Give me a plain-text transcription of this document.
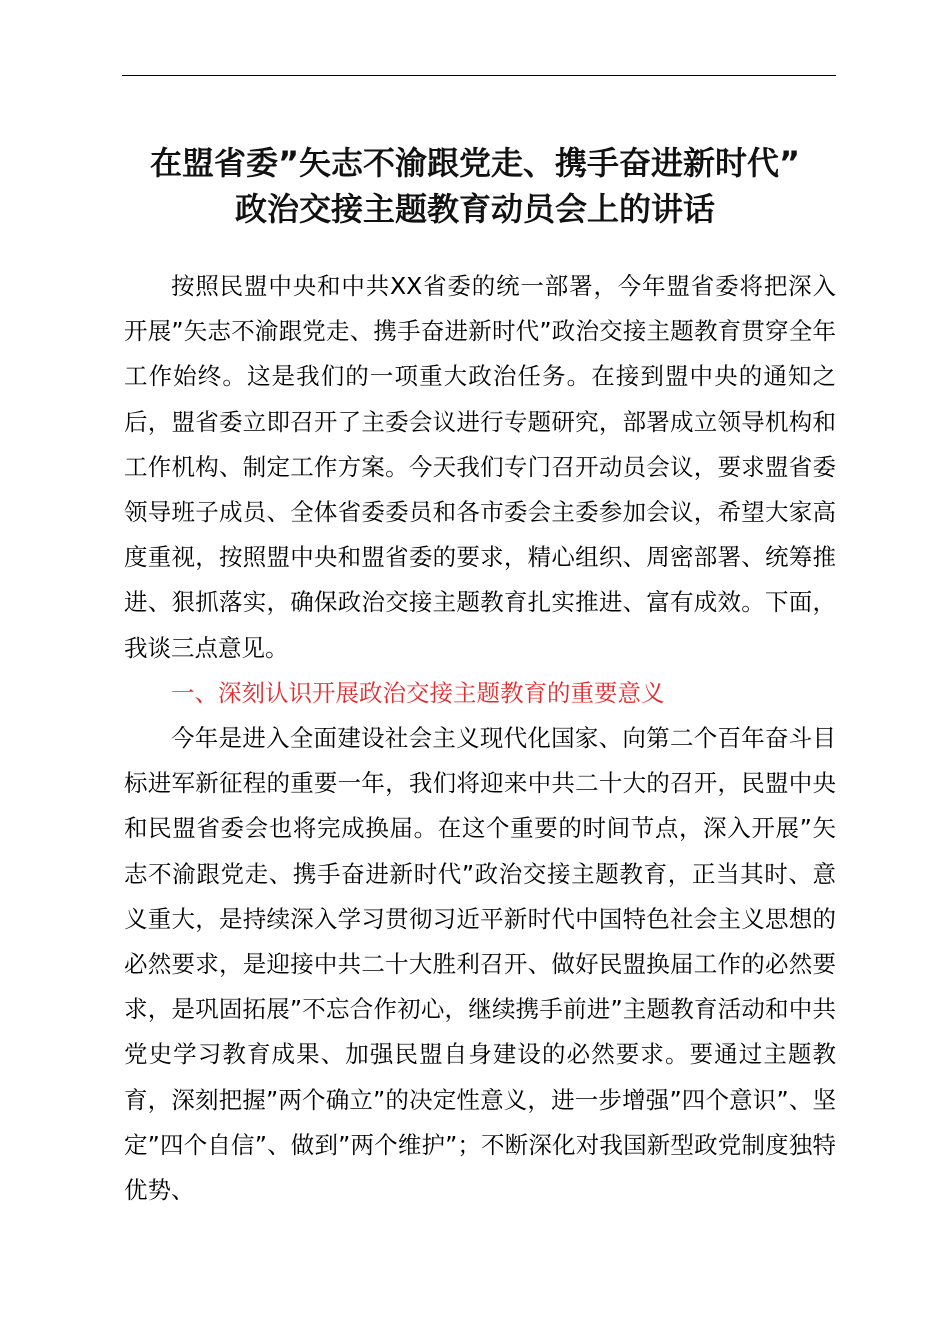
在盟省委”矢志不渝跟党走、携手奋进新时代”
政治交接主题教育动员会上的讲话

按照民盟中央和中共XX省委的统一部署，今年盟省委将把深入开展”矢志不渝跟党走、携手奋进新时代”政治交接主题教育贯穿全年工作始终。这是我们的一项重大政治任务。在接到盟中央的通知之后，盟省委立即召开了主委会议进行专题研究，部署成立领导机构和工作机构、制定工作方案。今天我们专门召开动员会议，要求盟省委领导班子成员、全体省委委员和各市委会主委参加会议，希望大家高度重视，按照盟中央和盟省委的要求，精心组织、周密部署、统筹推进、狠抓落实，确保政治交接主题教育扎实推进、富有成效。下面，我谈三点意见。

一、深刻认识开展政治交接主题教育的重要意义

今年是进入全面建设社会主义现代化国家、向第二个百年奋斗目标进军新征程的重要一年，我们将迎来中共二十大的召开，民盟中央和民盟省委会也将完成换届。在这个重要的时间节点，深入开展”矢志不渝跟党走、携手奋进新时代”政治交接主题教育，正当其时、意义重大，是持续深入学习贯彻习近平新时代中国特色社会主义思想的必然要求，是迎接中共二十大胜利召开、做好民盟换届工作的必然要求，是巩固拓展”不忘合作初心，继续携手前进”主题教育活动和中共党史学习教育成果、加强民盟自身建设的必然要求。要通过主题教育，深刻把握”两个确立”的决定性意义，进一步增强”四个意识”、坚定”四个自信”、做到”两个维护”；不断深化对我国新型政党制度独特优势、
